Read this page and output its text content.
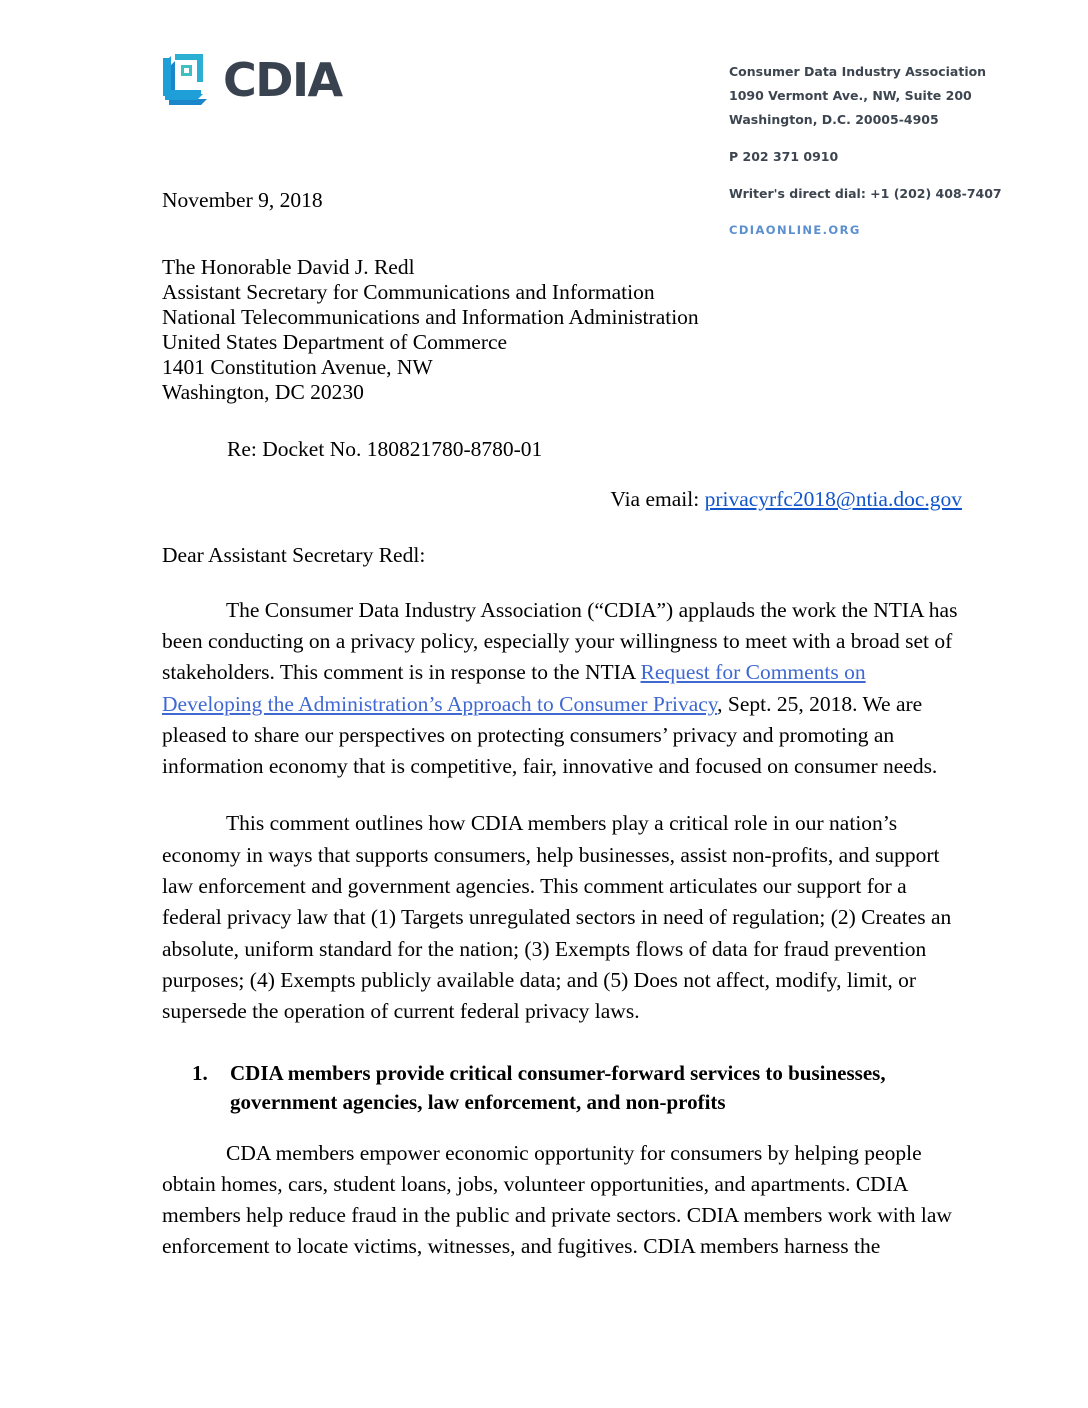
CDIA	Consumer Data Industry Association
1090 Vermont Ave., NW, Suite 200
Washington, D.C. 20005-4905
P 202 371 0910
Writer's direct dial: +1 (202) 408-7407
CDIAONLINE.ORG
November 9, 2018
The Honorable David J. Redl
Assistant Secretary for Communications and Information
National Telecommunications and Information Administration
United States Department of Commerce
1401 Constitution Avenue, NW
Washington, DC 20230
Re: Docket No. 180821780-8780-01
Via email: privacyrfc2018@ntia.doc.gov
Dear Assistant Secretary Redl:

The Consumer Data Industry Association (“CDIA”) applauds the work the NTIA has been conducting on a privacy policy, especially your willingness to meet with a broad set of stakeholders. This comment is in response to the NTIA Request for Comments on Developing the Administration’s Approach to Consumer Privacy, Sept. 25, 2018. We are pleased to share our perspectives on protecting consumers’ privacy and promoting an information economy that is competitive, fair, innovative and focused on consumer needs.

This comment outlines how CDIA members play a critical role in our nation’s economy in ways that supports consumers, help businesses, assist non-profits, and support law enforcement and government agencies. This comment articulates our support for a federal privacy law that (1) Targets unregulated sectors in need of regulation; (2) Creates an absolute, uniform standard for the nation; (3) Exempts flows of data for fraud prevention purposes; (4) Exempts publicly available data; and (5) Does not affect, modify, limit, or supersede the operation of current federal privacy laws.

1.	CDIA members provide critical consumer-forward services to businesses, government agencies, law enforcement, and non-profits

CDA members empower economic opportunity for consumers by helping people obtain homes, cars, student loans, jobs, volunteer opportunities, and apartments. CDIA members help reduce fraud in the public and private sectors. CDIA members work with law enforcement to locate victims, witnesses, and fugitives. CDIA members harness the
